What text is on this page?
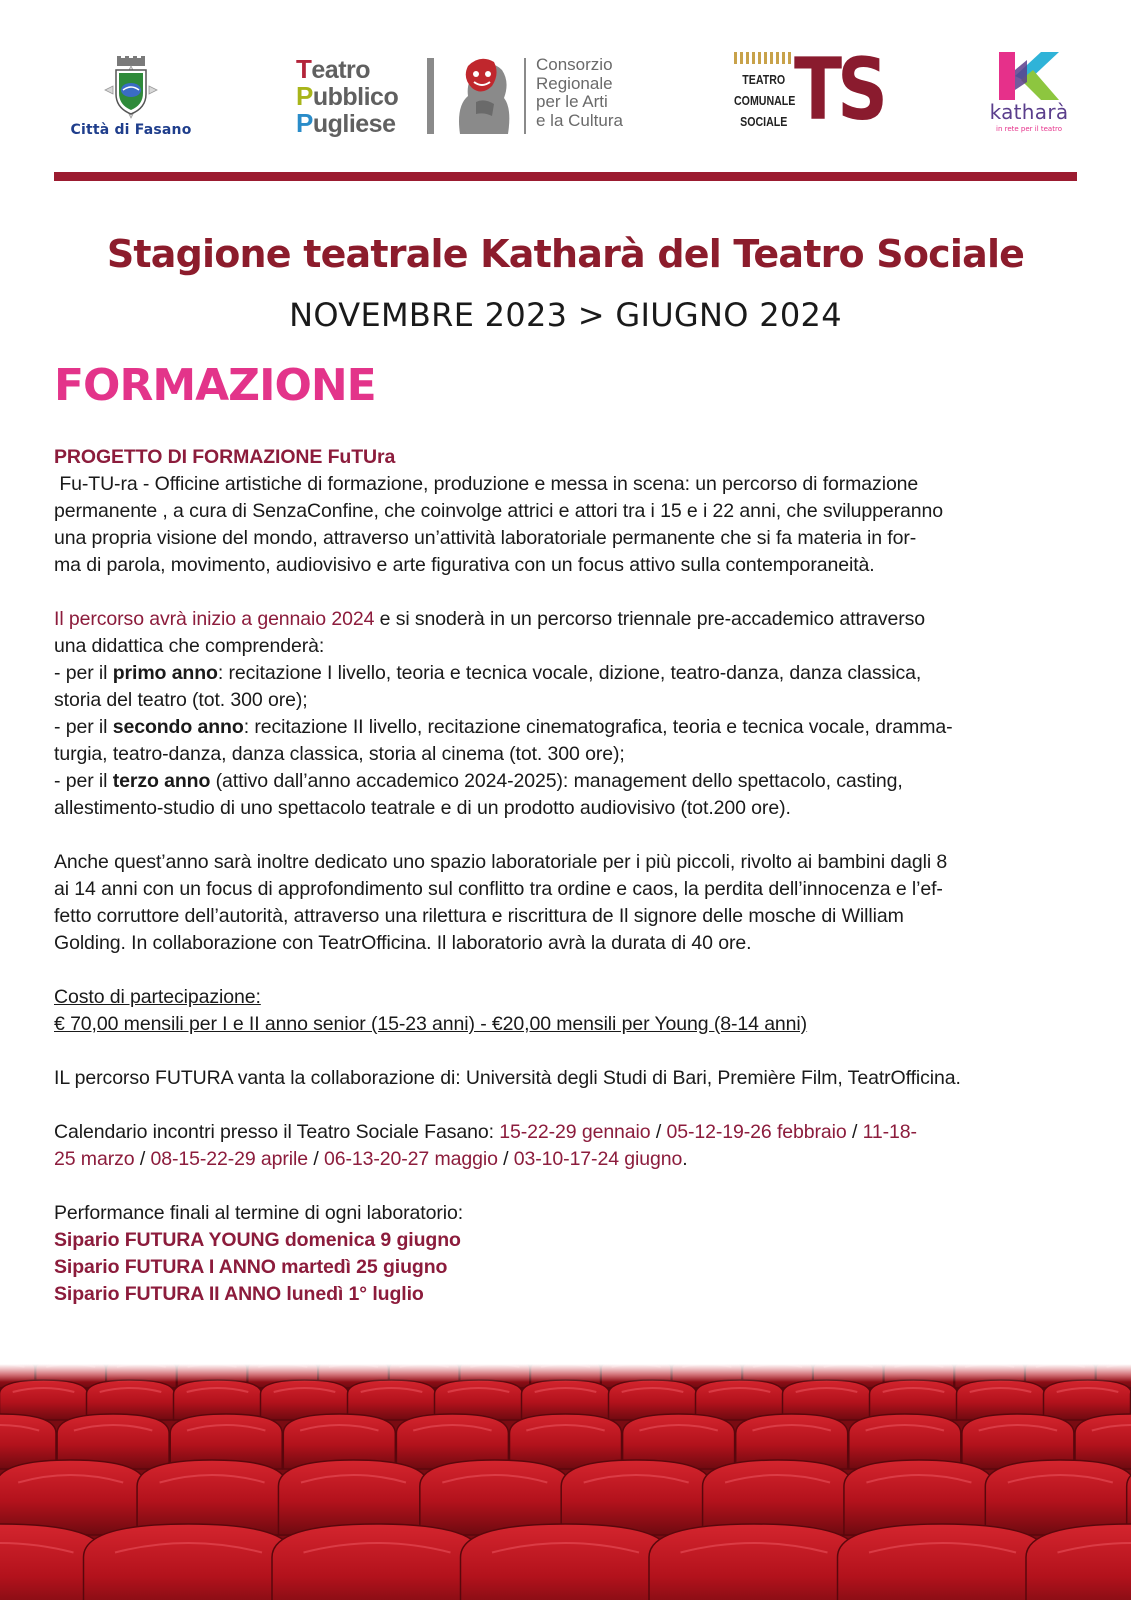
Città di Fasano
Teatro
Pubblico
Pugliese
Consorzio
Regionale
per le Arti
e la Cultura
TEATRO
COMUNALE
SOCIALE TS	katharà
in rete per il teatro
Stagione teatrale Katharà del Teatro Sociale
NOVEMBRE 2023 > GIUGNO 2024
FORMAZIONE

PROGETTO DI FORMAZIONE FuTUra

Fu-TU-ra - Officine artistiche di formazione, produzione e messa in scena: un percorso di formazione

permanente , a cura di SenzaConfine, che coinvolge attrici e attori tra i 15 e i 22 anni, che svilupperanno

una propria visione del mondo, attraverso un’attività laboratoriale permanente che si fa materia in for-

ma di parola, movimento, audiovisivo e arte figurativa con un focus attivo sulla contemporaneità.

Il percorso avrà inizio a gennaio 2024 e si snoderà in un percorso triennale pre-accademico attraverso

una didattica che comprenderà:

- per il primo anno: recitazione I livello, teoria e tecnica vocale, dizione, teatro-danza, danza classica,

storia del teatro (tot. 300 ore);

- per il secondo anno: recitazione II livello, recitazione cinematografica, teoria e tecnica vocale, dramma-

turgia, teatro-danza, danza classica, storia al cinema (tot. 300 ore);

- per il terzo anno (attivo dall’anno accademico 2024-2025): management dello spettacolo, casting,

allestimento-studio di uno spettacolo teatrale e di un prodotto audiovisivo (tot.200 ore).

Anche quest’anno sarà inoltre dedicato uno spazio laboratoriale per i più piccoli, rivolto ai bambini dagli 8

ai 14 anni con un focus di approfondimento sul conflitto tra ordine e caos, la perdita dell’innocenza e l’ef-

fetto corruttore dell’autorità, attraverso una rilettura e riscrittura de Il signore delle mosche di William

Golding. In collaborazione con TeatrOfficina. Il laboratorio avrà la durata di 40 ore.

Costo di partecipazione:

€ 70,00 mensili per I e II anno senior (15-23 anni) - €20,00 mensili per Young (8-14 anni)

IL percorso FUTURA vanta la collaborazione di: Università degli Studi di Bari, Première Film, TeatrOfficina.

Calendario incontri presso il Teatro Sociale Fasano: 15-22-29 gennaio / 05-12-19-26 febbraio / 11-18-

25 marzo / 08-15-22-29 aprile / 06-13-20-27 maggio / 03-10-17-24 giugno.

Performance finali al termine di ogni laboratorio:

Sipario FUTURA YOUNG domenica 9 giugno

Sipario FUTURA I ANNO martedì 25 giugno

Sipario FUTURA II ANNO lunedì 1° luglio
